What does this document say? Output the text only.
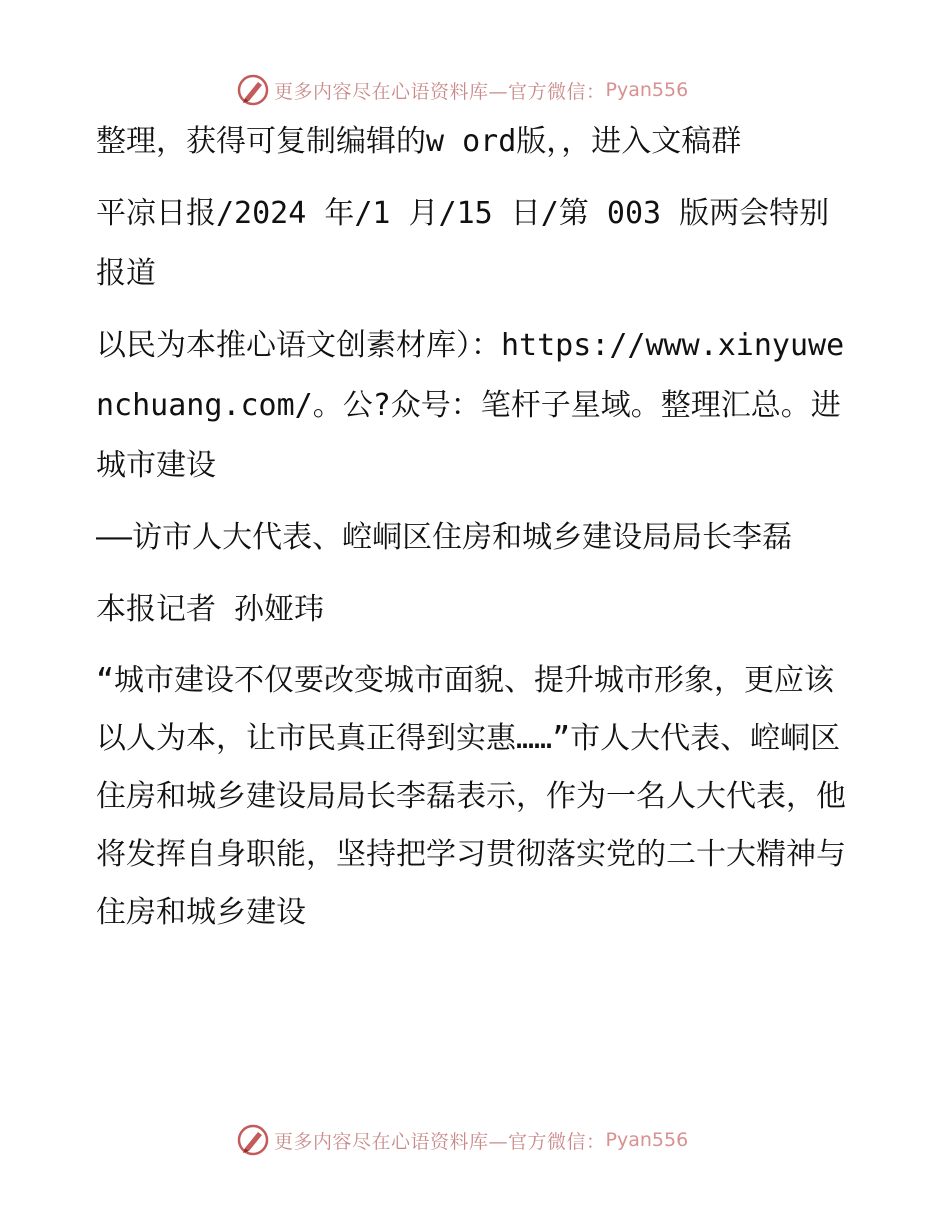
更多内容尽在心语资料库—官方微信： Pyan556

整理，获得可复制编辑的w ord版，，进入文稿群

平凉日报/2024 年/1 月/15 日/第 003 版两会特别报道

以民为本推心语文创素材库）：https://www.xinyuwenchuang.com/。公?众号：笔杆子星域。整理汇总。进城市建设

——访市人大代表、崆峒区住房和城乡建设局局长李磊

本报记者 孙娅玮

“城市建设不仅要改变城市面貌、提升城市形象，更应该以人为本，让市民真正得到实惠……”市人大代表、崆峒区住房和城乡建设局局长李磊表示，作为一名人大代表，他将发挥自身职能，坚持把学习贯彻落实党的二十大精神与住房和城乡建设

更多内容尽在心语资料库—官方微信： Pyan556
